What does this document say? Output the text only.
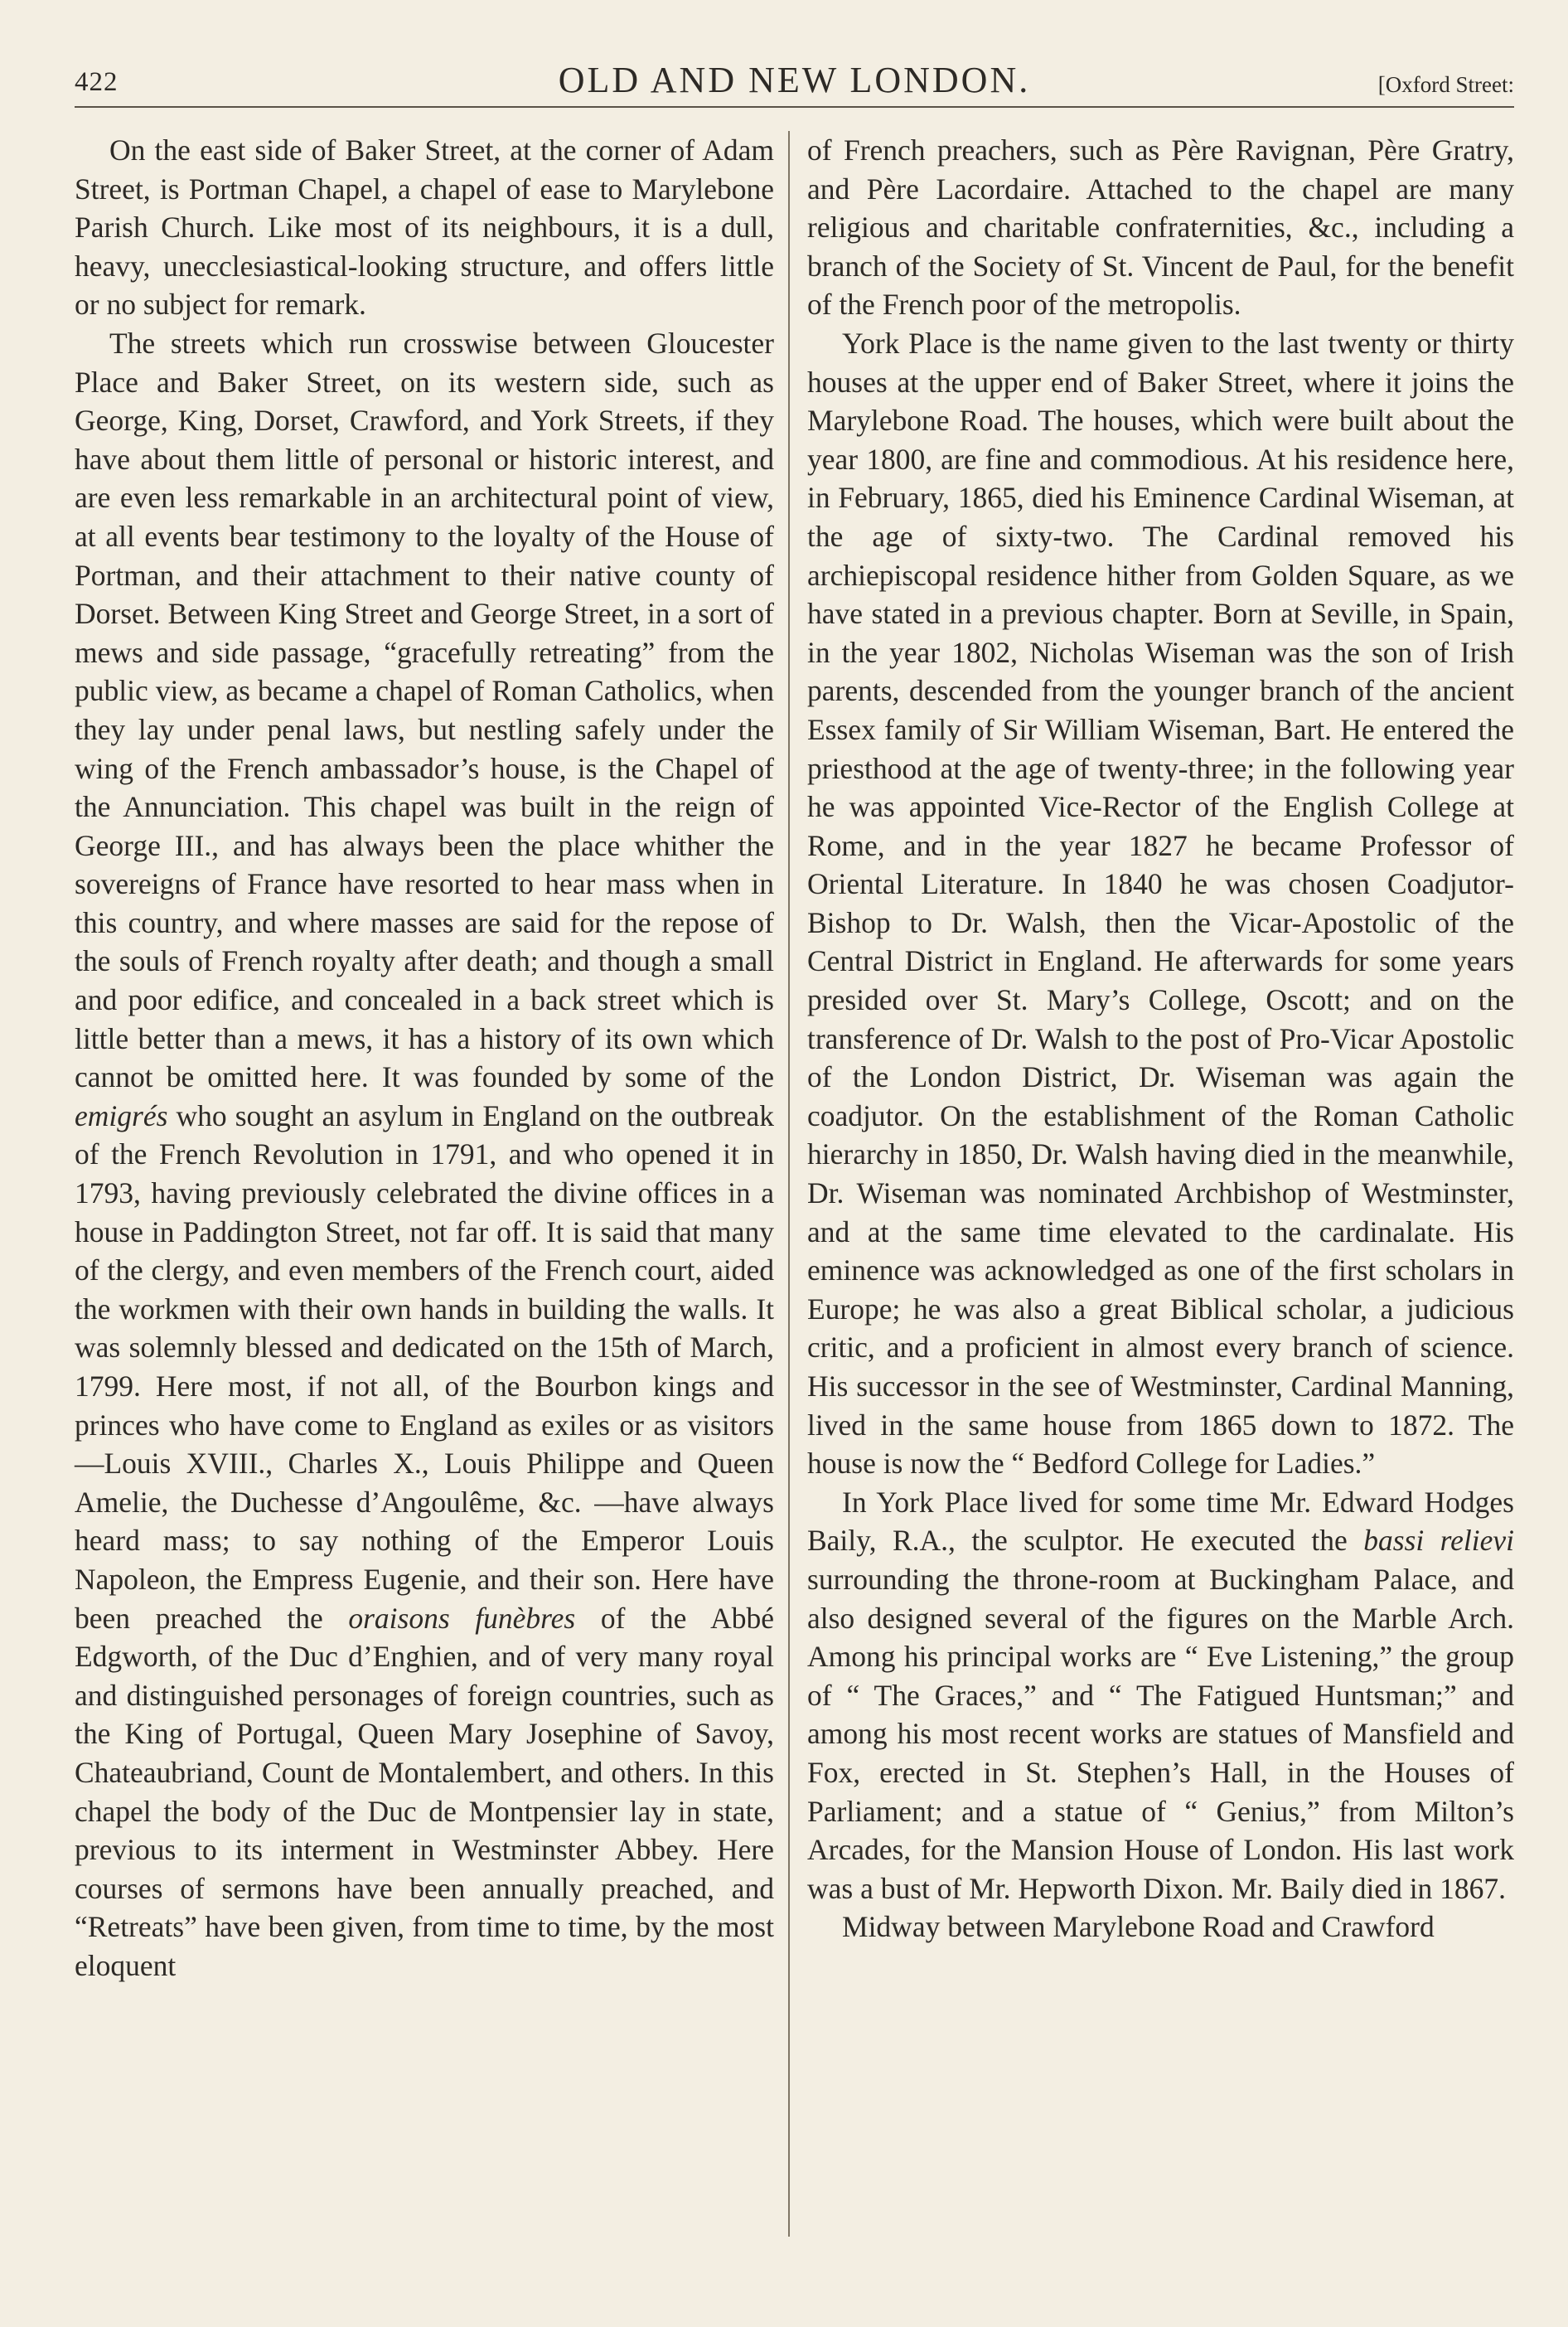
422	OLD AND NEW LONDON.	[Oxford Street:

On the east side of Baker Street, at the corner of Adam Street, is Portman Chapel, a chapel of ease to Marylebone Parish Church. Like most of its neighbours, it is a dull, heavy, unecclesiastical-looking structure, and offers little or no subject for remark.

The streets which run crosswise between Gloucester Place and Baker Street, on its western side, such as George, King, Dorset, Crawford, and York Streets, if they have about them little of personal or historic interest, and are even less remarkable in an architectural point of view, at all events bear testimony to the loyalty of the House of Portman, and their attachment to their native county of Dorset. Between King Street and George Street, in a sort of mews and side passage, “gracefully retreating” from the public view, as became a chapel of Roman Catholics, when they lay under penal laws, but nestling safely under the wing of the French ambassador’s house, is the Chapel of the Annunciation. This chapel was built in the reign of George III., and has always been the place whither the sovereigns of France have resorted to hear mass when in this country, and where masses are said for the repose of the souls of French royalty after death; and though a small and poor edifice, and concealed in a back street which is little better than a mews, it has a history of its own which cannot be omitted here. It was founded by some of the emigrés who sought an asylum in England on the outbreak of the French Revolution in 1791, and who opened it in 1793, having previously celebrated the divine offices in a house in Paddington Street, not far off. It is said that many of the clergy, and even members of the French court, aided the workmen with their own hands in building the walls. It was solemnly blessed and dedicated on the 15th of March, 1799. Here most, if not all, of the Bourbon kings and princes who have come to England as exiles or as visitors—Louis XVIII., Charles X., Louis Philippe and Queen Amelie, the Duchesse d’Angoulême, &c. —have always heard mass; to say nothing of the Emperor Louis Napoleon, the Empress Eugenie, and their son. Here have been preached the oraisons funèbres of the Abbé Edgworth, of the Duc d’Enghien, and of very many royal and distinguished personages of foreign countries, such as the King of Portugal, Queen Mary Josephine of Savoy, Chateaubriand, Count de Montalembert, and others. In this chapel the body of the Duc de Montpensier lay in state, previous to its interment in Westminster Abbey. Here courses of sermons have been annually preached, and “Retreats” have been given, from time to time, by the most eloquent

of French preachers, such as Père Ravignan, Père Gratry, and Père Lacordaire. Attached to the chapel are many religious and charitable confraternities, &c., including a branch of the Society of St. Vincent de Paul, for the benefit of the French poor of the metropolis.

York Place is the name given to the last twenty or thirty houses at the upper end of Baker Street, where it joins the Marylebone Road. The houses, which were built about the year 1800, are fine and commodious. At his residence here, in February, 1865, died his Eminence Cardinal Wiseman, at the age of sixty-two. The Cardinal removed his archiepiscopal residence hither from Golden Square, as we have stated in a previous chapter. Born at Seville, in Spain, in the year 1802, Nicholas Wiseman was the son of Irish parents, descended from the younger branch of the ancient Essex family of Sir William Wiseman, Bart. He entered the priesthood at the age of twenty-three; in the following year he was appointed Vice-Rector of the English College at Rome, and in the year 1827 he became Professor of Oriental Literature. In 1840 he was chosen Coadjutor-Bishop to Dr. Walsh, then the Vicar-Apostolic of the Central District in England. He afterwards for some years presided over St. Mary’s College, Oscott; and on the transference of Dr. Walsh to the post of Pro-Vicar Apostolic of the London District, Dr. Wiseman was again the coadjutor. On the establishment of the Roman Catholic hierarchy in 1850, Dr. Walsh having died in the meanwhile, Dr. Wiseman was nominated Archbishop of Westminster, and at the same time elevated to the cardinalate. His eminence was acknowledged as one of the first scholars in Europe; he was also a great Biblical scholar, a judicious critic, and a proficient in almost every branch of science. His successor in the see of Westminster, Cardinal Manning, lived in the same house from 1865 down to 1872. The house is now the “ Bedford College for Ladies.”

In York Place lived for some time Mr. Edward Hodges Baily, R.A., the sculptor. He executed the bassi relievi surrounding the throne-room at Buckingham Palace, and also designed several of the figures on the Marble Arch. Among his principal works are “ Eve Listening,” the group of “ The Graces,” and “ The Fatigued Huntsman;” and among his most recent works are statues of Mansfield and Fox, erected in St. Stephen’s Hall, in the Houses of Parliament; and a statue of “ Genius,” from Milton’s Arcades, for the Mansion House of London. His last work was a bust of Mr. Hepworth Dixon. Mr. Baily died in 1867.

Midway between Marylebone Road and Crawford
